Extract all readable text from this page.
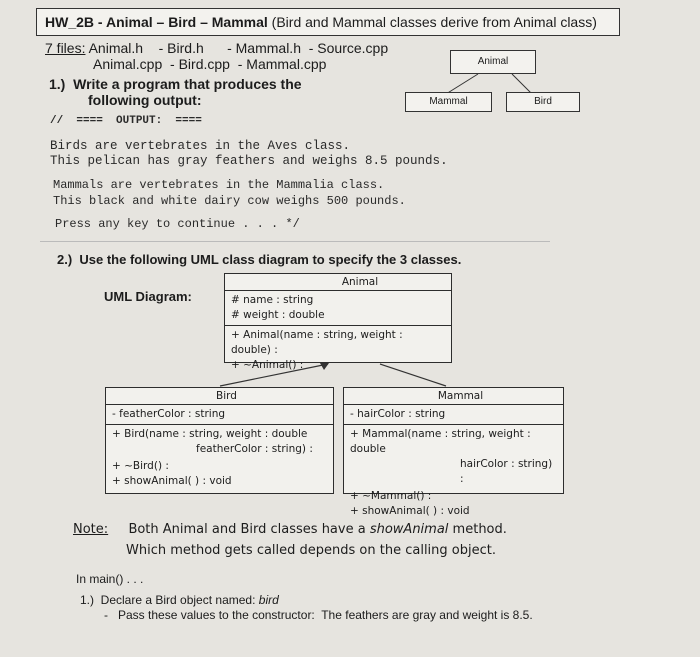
HW_2B - Animal – Bird – Mammal (Bird and Mammal classes derive from Animal class)
7 files: Animal.h    - Bird.h      - Mammal.h  - Source.cpp
Animal.cpp  - Bird.cpp  - Mammal.cpp	Animal
Mammal	Bird
1.)  Write a program that produces the
following output:
//  ====  OUTPUT:  ====
Birds are vertebrates in the Aves class.
This pelican has gray feathers and weighs 8.5 pounds.
Mammals are vertebrates in the Mammalia class.
This black and white dairy cow weighs 500 pounds.
Press any key to continue . . . */
2.)  Use the following UML class diagram to specify the 3 classes.
UML Diagram:
Animal
# name : string
# weight : double
+ Animal(name : string, weight : double) :
+ ~Animal() :
Bird
- featherColor : string
+ Bird(name : string, weight : double
featherColor : string) :
+ ~Bird() :
+ showAnimal( ) : void
Mammal
- hairColor : string
+ Mammal(name : string, weight : double
hairColor : string) :
+ ~Mammal() :
+ showAnimal( ) : void
Note: Both Animal and Bird classes have a showAnimal method.
Which method gets called depends on the calling object.
In main() . . .
1.)  Declare a Bird object named: bird
-   Pass these values to the constructor:  The feathers are gray and weight is 8.5.
